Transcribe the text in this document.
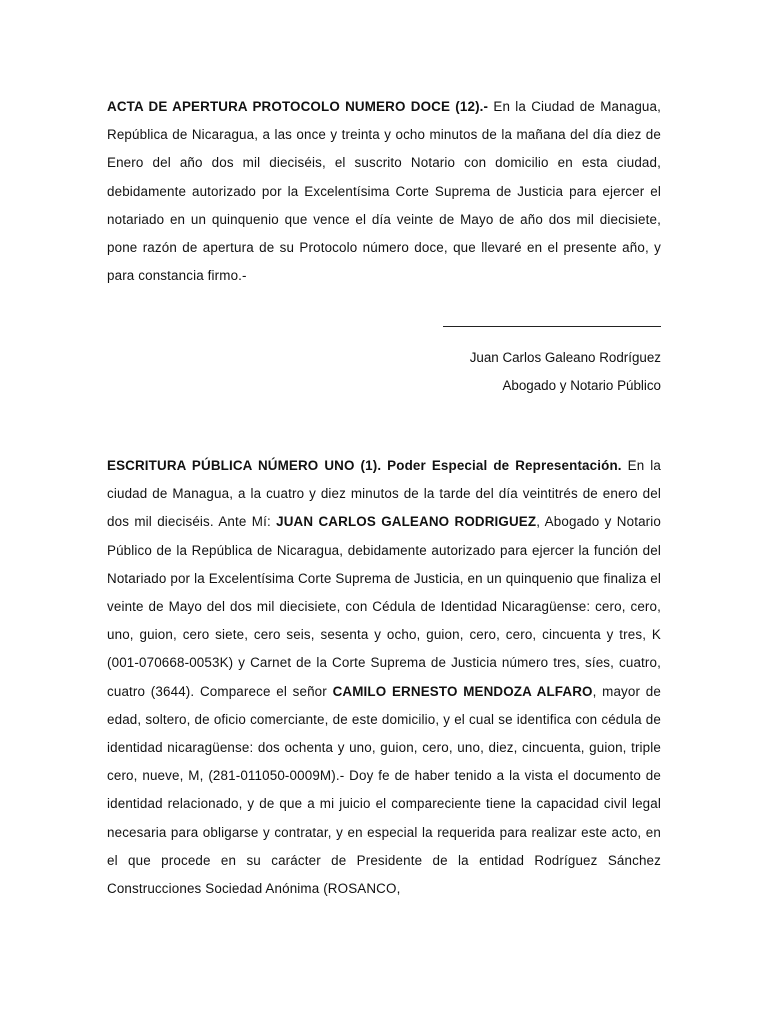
ACTA DE APERTURA PROTOCOLO NUMERO DOCE (12).- En la Ciudad de Managua, República de Nicaragua, a las once y treinta y ocho minutos de la mañana del día diez de Enero del año dos mil dieciséis, el suscrito Notario con domicilio en esta ciudad, debidamente autorizado por la Excelentísima Corte Suprema de Justicia para ejercer el notariado en un quinquenio que vence el día veinte de Mayo de año dos mil diecisiete, pone razón de apertura de su Protocolo número doce, que llevaré en el presente año, y para constancia firmo.-

Juan Carlos Galeano Rodríguez
Abogado y Notario Público

ESCRITURA PÚBLICA NÚMERO UNO (1). Poder Especial de Representación. En la ciudad de Managua, a la cuatro y diez minutos de la tarde del día veintitrés de enero del dos mil dieciséis. Ante Mí: JUAN CARLOS GALEANO RODRIGUEZ, Abogado y Notario Público de la República de Nicaragua, debidamente autorizado para ejercer la función del Notariado por la Excelentísima Corte Suprema de Justicia, en un quinquenio que finaliza el veinte de Mayo del dos mil diecisiete, con Cédula de Identidad Nicaragüense: cero, cero, uno, guion, cero siete, cero seis, sesenta y ocho, guion, cero, cero, cincuenta y tres, K (001-070668-0053K) y Carnet de la Corte Suprema de Justicia número tres, síes, cuatro, cuatro (3644). Comparece el señor CAMILO ERNESTO MENDOZA ALFARO, mayor de edad, soltero, de oficio comerciante, de este domicilio, y el cual se identifica con cédula de identidad nicaragüense: dos ochenta y uno, guion, cero, uno, diez, cincuenta, guion, triple cero, nueve, M, (281-011050-0009M).- Doy fe de haber tenido a la vista el documento de identidad relacionado, y de que a mi juicio el compareciente tiene la capacidad civil legal necesaria para obligarse y contratar, y en especial la requerida para realizar este acto, en el que procede en su carácter de Presidente de la entidad Rodríguez Sánchez Construcciones Sociedad Anónima (ROSANCO,
